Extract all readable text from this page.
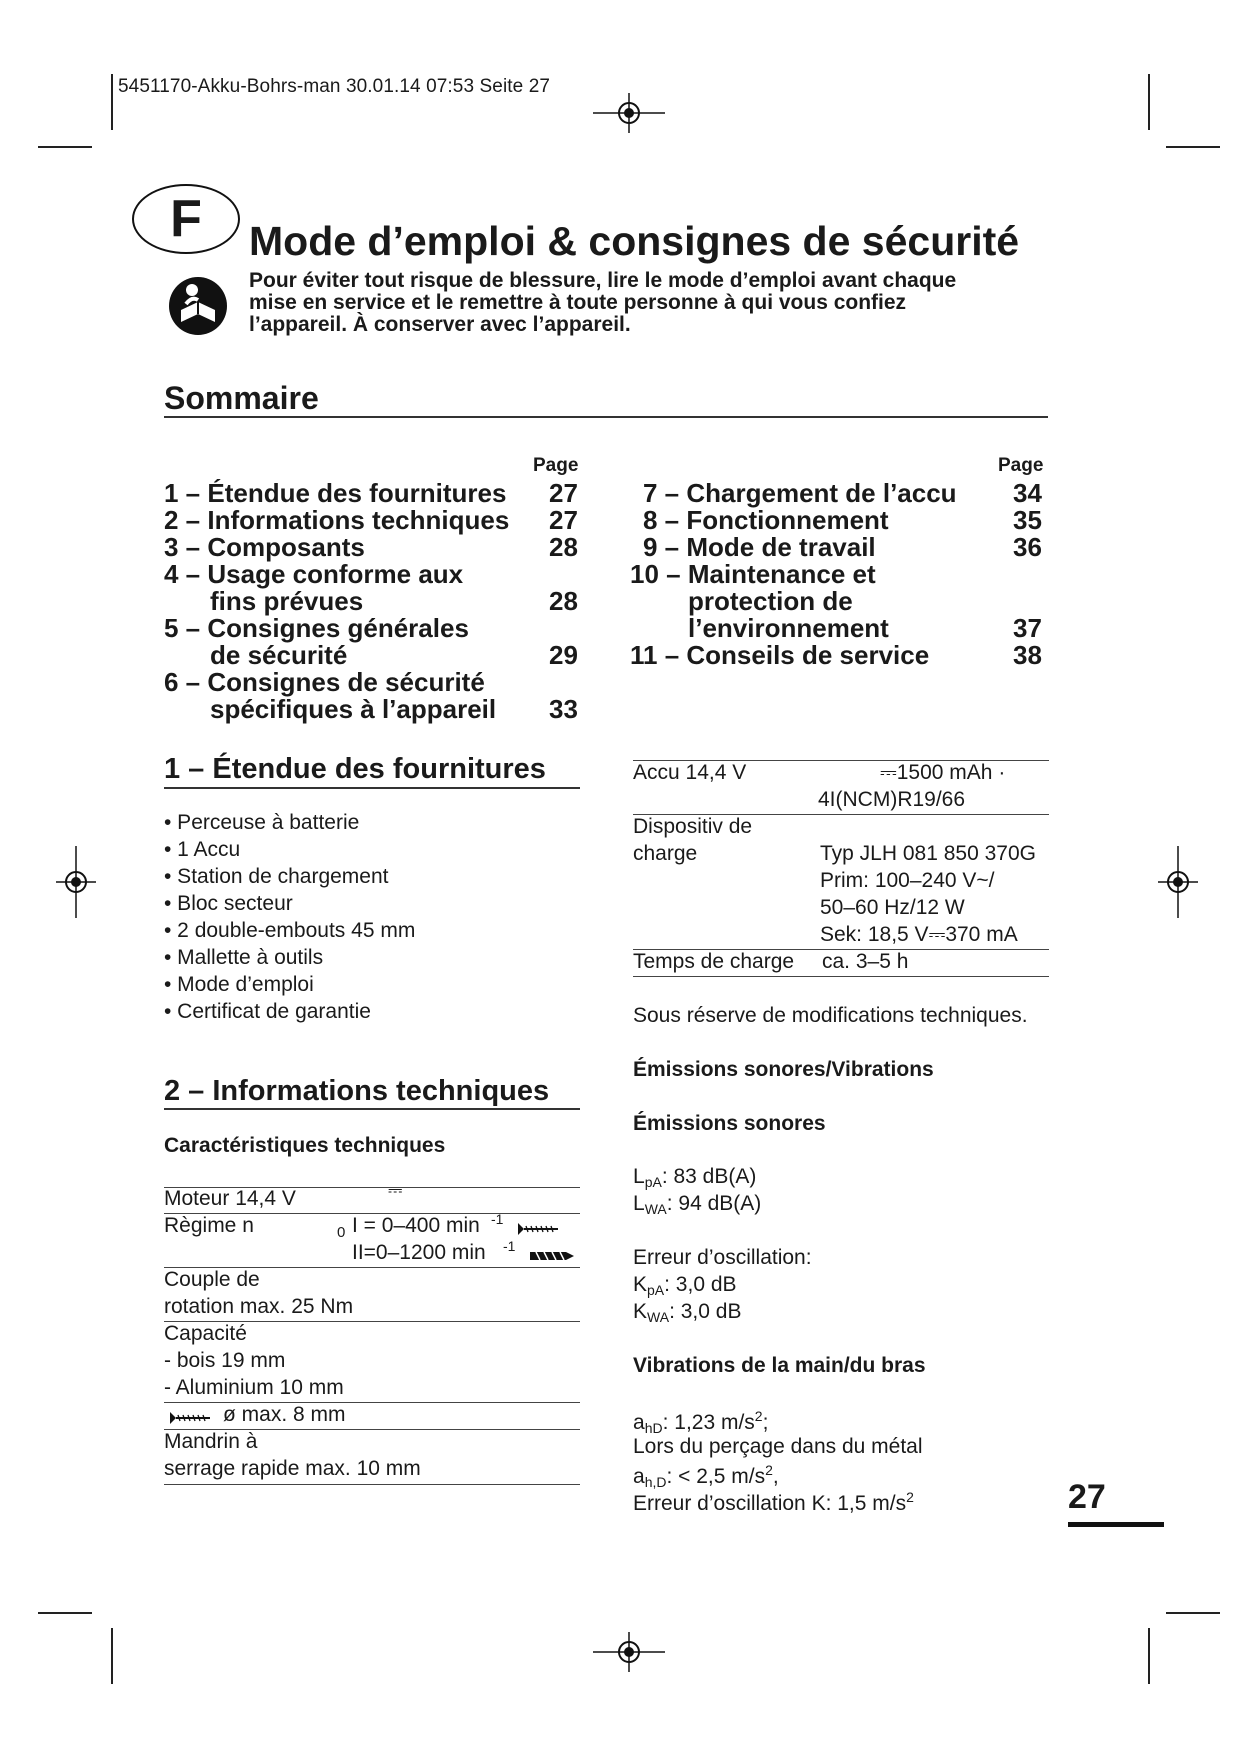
5451170-Akku-Bohrs-man 30.01.14 07:53 Seite 27
F	Mode d’emploi & consignes de sécurité
Pour éviter tout risque de blessure, lire le mode d’emploi avant chaque
mise en service et le remettre à toute personne à qui vous confiez
l’appareil. À conserver avec l’appareil.
Sommaire
Page	Page
1 – Étendue des fournitures 27
2 – Informations techniques 27
3 – Composants	28
4 – Usage conforme aux
fins prévues	28
5 – Consignes générales
de sécurité	29
6 – Consignes de sécurité
spécifiques à l’appareil 33
7 – Chargement de l’accu 34
8 – Fonctionnement	35
9 – Mode de travail	36
10 – Maintenance et
protection de
l’environnement	37
11 – Conseils de service	38
1 – Étendue des fournitures
• Perceuse à batterie
• 1 Accu
• Station de chargement
• Bloc secteur
• 2 double-embouts 45 mm
• Mallette à outils
• Mode d’emploi
• Certificat de garantie
2 – Informations techniques
Caractéristiques techniques
Moteur 14,4 V	⎓
Règime n	0 I = 0–400 min -1
II=0–1200 min -1
Couple de
rotation max. 25 Nm
Capacité
- bois 19 mm
- Aluminium 10 mm
ø max. 8 mm
Mandrin à
serrage rapide max. 10 mm
Accu 14,4 V	⎓1500 mAh ·
4I(NCM)R19/66
Dispositiv de
charge	Typ JLH 081 850 370G
Prim: 100–240 V~/
50–60 Hz/12 W
Sek: 18,5 V⎓370 mA
Temps de charge ca. 3–5 h
Sous réserve de modifications techniques.
Émissions sonores/Vibrations
Émissions sonores
$L_{pA}$: 83 dB(A)
$L_{WA}$: 94 dB(A)
Erreur d’oscillation:
$K_{pA}$: 3,0 dB
$K_{WA}$: 3,0 dB
Vibrations de la main/du bras
$a_{hD}$: 1,23 $m/s^2$;
Lors du perçage dans du métal
$a_{h,D}$: < 2,5 $m/s^2$,
Erreur d’oscillation K: 1,5 $m/s^2$	27
